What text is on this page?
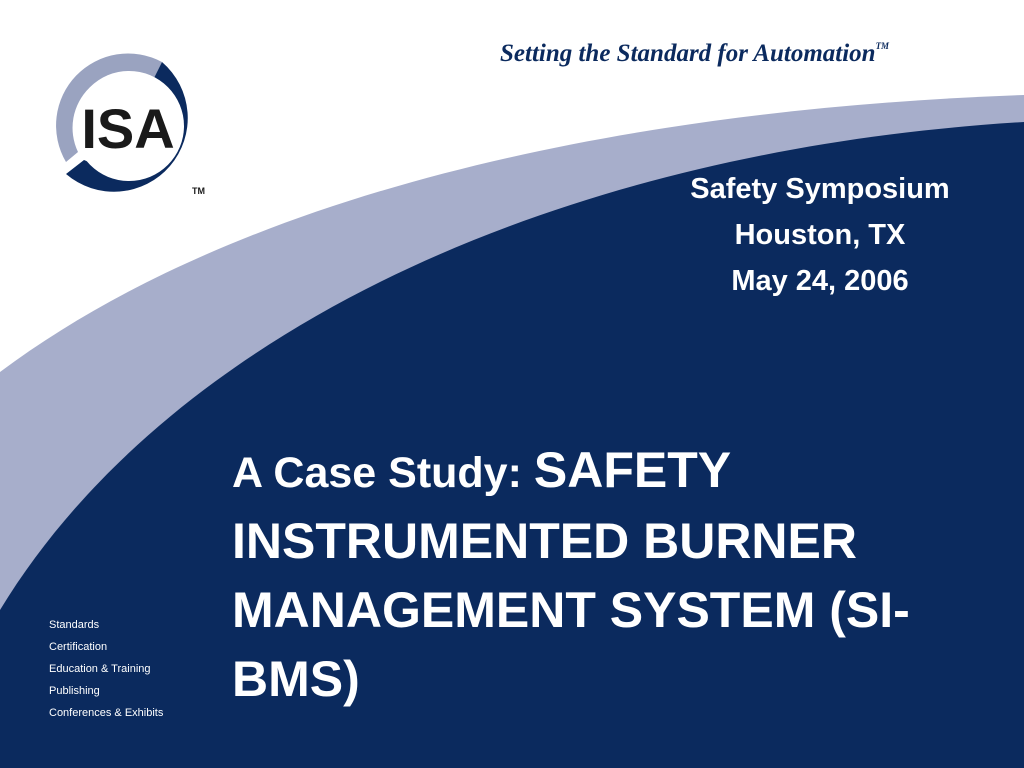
Setting the Standard for Automation™
ISA
TM	Safety Symposium
Houston, TX
May 24, 2006
A Case Study: SAFETY INSTRUMENTED BURNER MANAGEMENT SYSTEM (SI-BMS)
Standards
Certification
Education & Training
Publishing
Conferences & Exhibits
